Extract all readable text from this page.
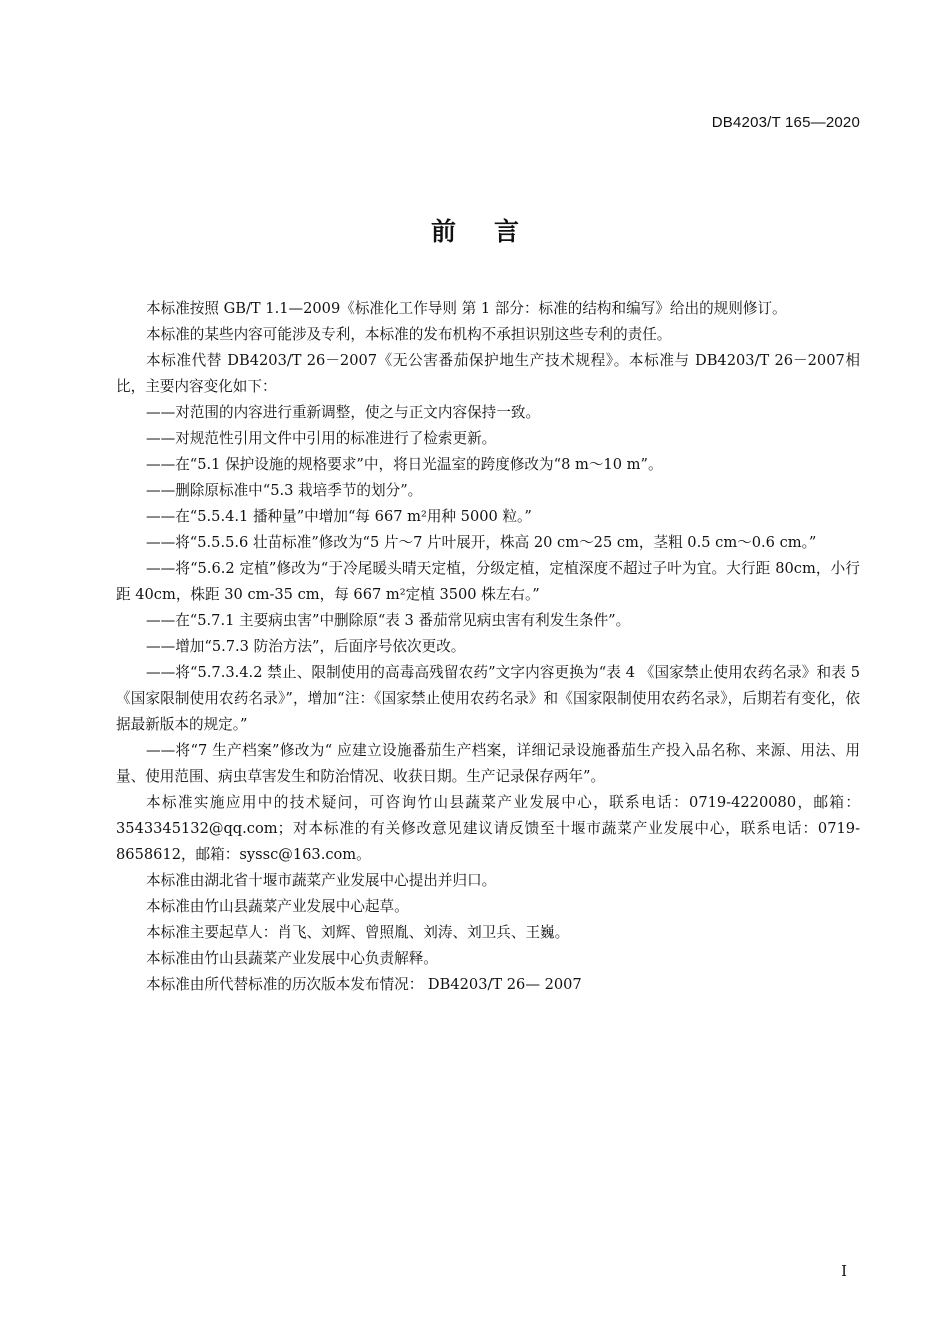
DB4203/T 165—2020
前言

本标准按照 GB/T 1.1—2009《标准化工作导则 第 1 部分：标准的结构和编写》给出的规则修订。

本标准的某些内容可能涉及专利，本标准的发布机构不承担识别这些专利的责任。

本标准代替 DB4203/T 26－2007《无公害番茄保护地生产技术规程》。本标准与 DB4203/T 26－2007相比，主要内容变化如下：

——对范围的内容进行重新调整，使之与正文内容保持一致。

——对规范性引用文件中引用的标准进行了检索更新。

——在“5.1 保护设施的规格要求”中，将日光温室的跨度修改为“8 m～10 m”。

——删除原标准中“5.3 栽培季节的划分”。

——在“5.5.4.1 播种量”中增加“每 667 m²用种 5000 粒。”

——将“5.5.5.6 壮苗标准”修改为“5 片～7 片叶展开，株高 20 cm～25 cm，茎粗 0.5 cm～0.6 cm。”

——将“5.6.2 定植”修改为“于冷尾暖头晴天定植，分级定植，定植深度不超过子叶为宜。大行距 80cm，小行距 40cm，株距 30 cm-35 cm，每 667 m²定植 3500 株左右。”

——在“5.7.1 主要病虫害”中删除原“表 3 番茄常见病虫害有利发生条件”。

——增加“5.7.3 防治方法”，后面序号依次更改。

——将“5.7.3.4.2 禁止、限制使用的高毒高残留农药”文字内容更换为“表 4 《国家禁止使用农药名录》和表 5 《国家限制使用农药名录》”，增加“注：《国家禁止使用农药名录》和《国家限制使用农药名录》，后期若有变化，依据最新版本的规定。”

——将“7 生产档案”修改为“ 应建立设施番茄生产档案，详细记录设施番茄生产投入品名称、来源、用法、用量、使用范围、病虫草害发生和防治情况、收获日期。生产记录保存两年”。

本标准实施应用中的技术疑问，可咨询竹山县蔬菜产业发展中心，联系电话：0719-4220080，邮箱：3543345132@qq.com；对本标准的有关修改意见建议请反馈至十堰市蔬菜产业发展中心，联系电话：0719-8658612，邮箱：syssc@163.com。

本标准由湖北省十堰市蔬菜产业发展中心提出并归口。

本标准由竹山县蔬菜产业发展中心起草。

本标准主要起草人：肖飞、刘辉、曾照胤、刘涛、刘卫兵、王巍。

本标准由竹山县蔬菜产业发展中心负责解释。

本标准由所代替标准的历次版本发布情况： DB4203/T 26— 2007

I
